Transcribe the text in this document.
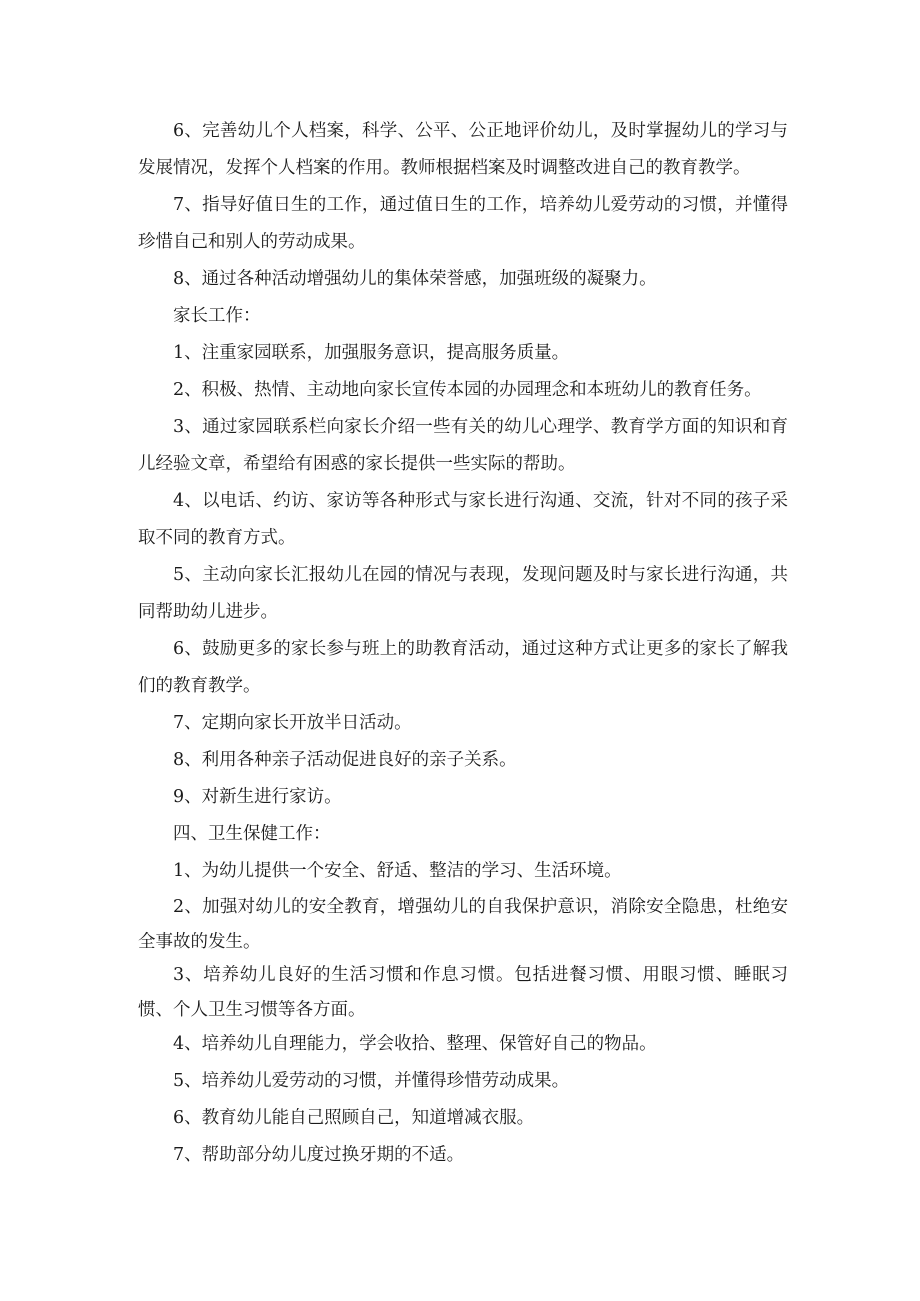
6、完善幼儿个人档案，科学、公平、公正地评价幼儿，及时掌握幼儿的学习与发展情况，发挥个人档案的作用。教师根据档案及时调整改进自己的教育教学。

7、指导好值日生的工作，通过值日生的工作，培养幼儿爱劳动的习惯，并懂得珍惜自己和别人的劳动成果。

8、通过各种活动增强幼儿的集体荣誉感，加强班级的凝聚力。

家长工作：

1、注重家园联系，加强服务意识，提高服务质量。

2、积极、热情、主动地向家长宣传本园的办园理念和本班幼儿的教育任务。

3、通过家园联系栏向家长介绍一些有关的幼儿心理学、教育学方面的知识和育儿经验文章，希望给有困惑的家长提供一些实际的帮助。

4、以电话、约访、家访等各种形式与家长进行沟通、交流，针对不同的孩子采取不同的教育方式。

5、主动向家长汇报幼儿在园的情况与表现，发现问题及时与家长进行沟通，共同帮助幼儿进步。

6、鼓励更多的家长参与班上的助教育活动，通过这种方式让更多的家长了解我们的教育教学。

7、定期向家长开放半日活动。

8、利用各种亲子活动促进良好的亲子关系。

9、对新生进行家访。

四、卫生保健工作：

1、为幼儿提供一个安全、舒适、整洁的学习、生活环境。

2、加强对幼儿的安全教育，增强幼儿的自我保护意识，消除安全隐患，杜绝安全事故的发生。

3、培养幼儿良好的生活习惯和作息习惯。包括进餐习惯、用眼习惯、睡眠习惯、个人卫生习惯等各方面。

4、培养幼儿自理能力，学会收拾、整理、保管好自己的物品。

5、培养幼儿爱劳动的习惯，并懂得珍惜劳动成果。

6、教育幼儿能自己照顾自己，知道增减衣服。

7、帮助部分幼儿度过换牙期的不适。
